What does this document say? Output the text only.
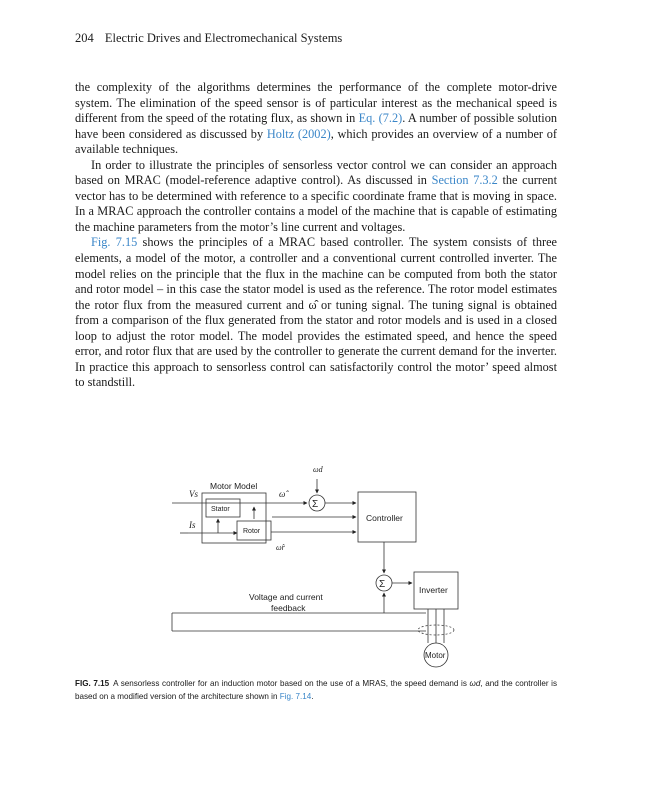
204 Electric Drives and Electromechanical Systems

the complexity of the algorithms determines the performance of the complete motor-drive system. The elimination of the speed sensor is of particular interest as the mechanical speed is different from the speed of the rotating flux, as shown in Eq. (7.2). A number of possible solution have been considered as discussed by Holtz (2002), which provides an overview of a number of available techniques.

In order to illustrate the principles of sensorless vector control we can consider an approach based on MRAC (model-reference adaptive control). As discussed in Section 7.3.2 the current vector has to be determined with reference to a specific coordinate frame that is moving in space. In a MRAC approach the controller contains a model of the machine that is capable of estimating the machine parameters from the motor’s line current and voltages.

Fig. 7.15 shows the principles of a MRAC based controller. The system consists of three elements, a model of the motor, a controller and a conventional current controlled inverter. The model relies on the principle that the flux in the machine can be computed from both the stator and rotor model – in this case the stator model is used as the reference. The rotor model estimates the rotor flux from the measured current and ω̂ or tuning signal. The tuning signal is obtained from a comparison of the flux generated from the stator and rotor models and is used in a closed loop to adjust the rotor model. The model provides the estimated speed, and hence the speed error, and rotor flux that are used by the controller to generate the current demand for the inverter. In practice this approach to sensorless control can satisfactorily control the motor’ speed almost to standstill.

ωd
Motor Model
Vs
Is
Stator
Rotor
ω̂
ω̂r
Σ
Σ
Controller
Inverter
Voltage and current
feedback
Motor
FIG. 7.15 A sensorless controller for an induction motor based on the use of a MRAS, the speed demand is ωd, and the controller is based on a modified version of the architecture shown in Fig. 7.14.
